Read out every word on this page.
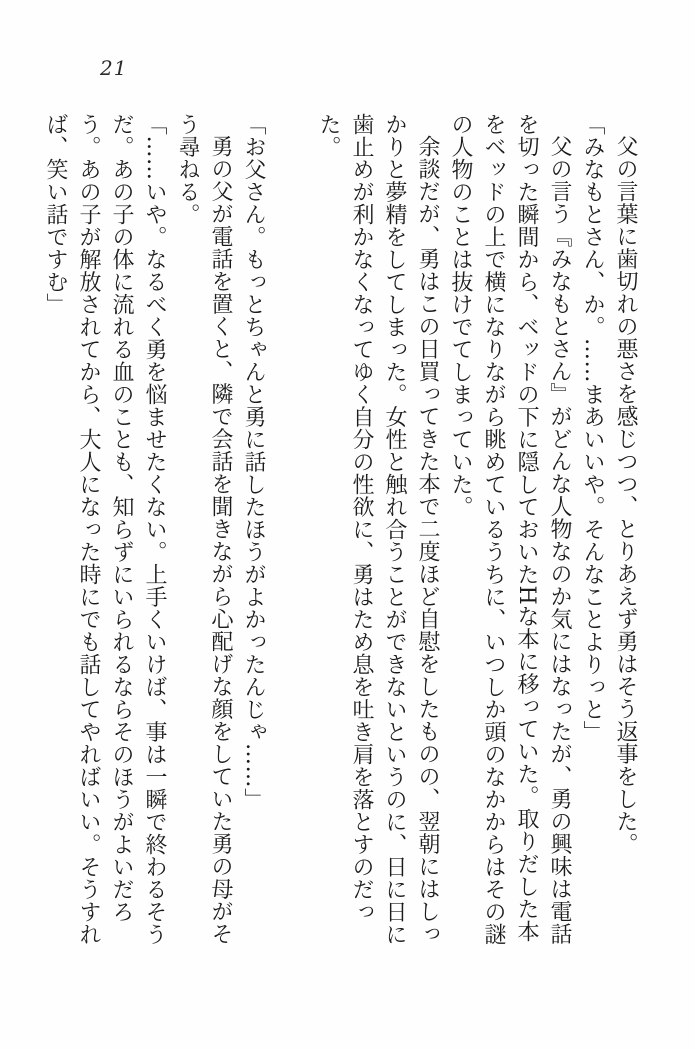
21

父の言葉に歯切れの悪さを感じつつ、とりあえず勇はそう返事をした。

「みなもとさん、か。……まあいいや。そんなことよりっと」

父の言う『みなもとさん』がどんな人物なのか気にはなったが、勇の興味は電話を切った瞬間から、ベッドの下に隠しておいたHな本に移っていた。取りだした本をベッドの上で横になりながら眺めているうちに、いつしか頭のなかからはその謎の人物のことは抜けでてしまっていた。

余談だが、勇はこの日買ってきた本で二度ほど自慰をしたものの、翌朝にはしっかりと夢精をしてしまった。女性と触れ合うことができないというのに、日に日に歯止めが利かなくなってゆく自分の性欲に、勇はため息を吐き肩を落とすのだった。

「お父さん。もっとちゃんと勇に話したほうがよかったんじゃ……」

勇の父が電話を置くと、隣で会話を聞きながら心配げな顔をしていた勇の母がそう尋ねる。

「……いや。なるべく勇を悩ませたくない。上手くいけば、事は一瞬で終わるそうだ。あの子の体に流れる血のことも、知らずにいられるならそのほうがよいだろう。あの子が解放されてから、大人になった時にでも話してやればいい。そうすれば、笑い話ですむ」
